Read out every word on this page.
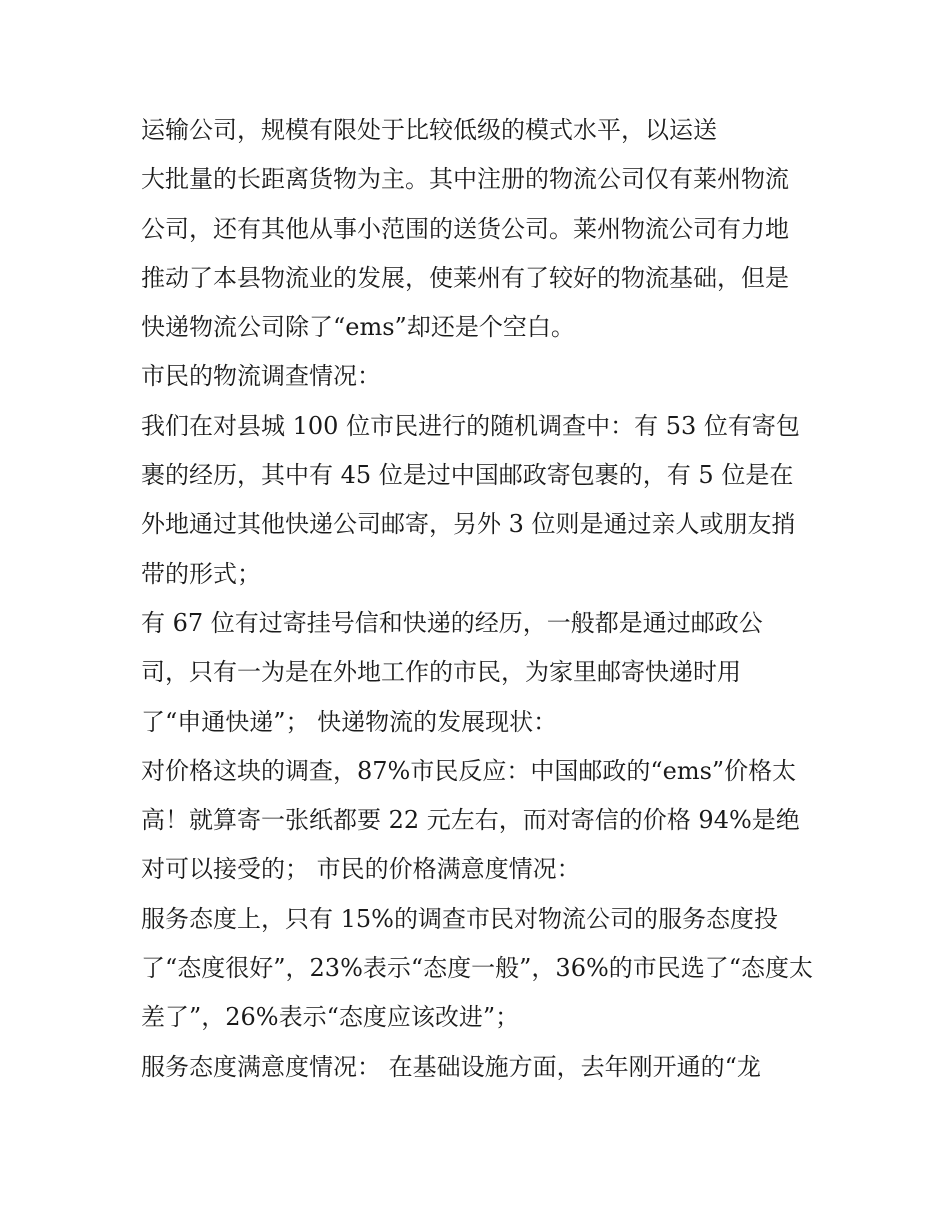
运输公司，规模有限处于比较低级的模式水平，以运送
大批量的长距离货物为主。其中注册的物流公司仅有莱州物流
公司，还有其他从事小范围的送货公司。莱州物流公司有力地
推动了本县物流业的发展，使莱州有了较好的物流基础，但是
快递物流公司除了“ems”却还是个空白。
市民的物流调查情况：
我们在对县城 100 位市民进行的随机调查中：有 53 位有寄包
裹的经历，其中有 45 位是过中国邮政寄包裹的，有 5 位是在
外地通过其他快递公司邮寄，另外 3 位则是通过亲人或朋友捎
带的形式；
有 67 位有过寄挂号信和快递的经历，一般都是通过邮政公
司，只有一为是在外地工作的市民，为家里邮寄快递时用
了“申通快递”； 快递物流的发展现状：
对价格这块的调查，87%市民反应：中国邮政的“ems”价格太
高！就算寄一张纸都要 22 元左右，而对寄信的价格 94%是绝
对可以接受的； 市民的价格满意度情况：
服务态度上，只有 15%的调查市民对物流公司的服务态度投
了“态度很好”，23%表示“态度一般”，36%的市民选了“态度太
差了”，26%表示“态度应该改进”；
服务态度满意度情况： 在基础设施方面，去年刚开通的“龙
